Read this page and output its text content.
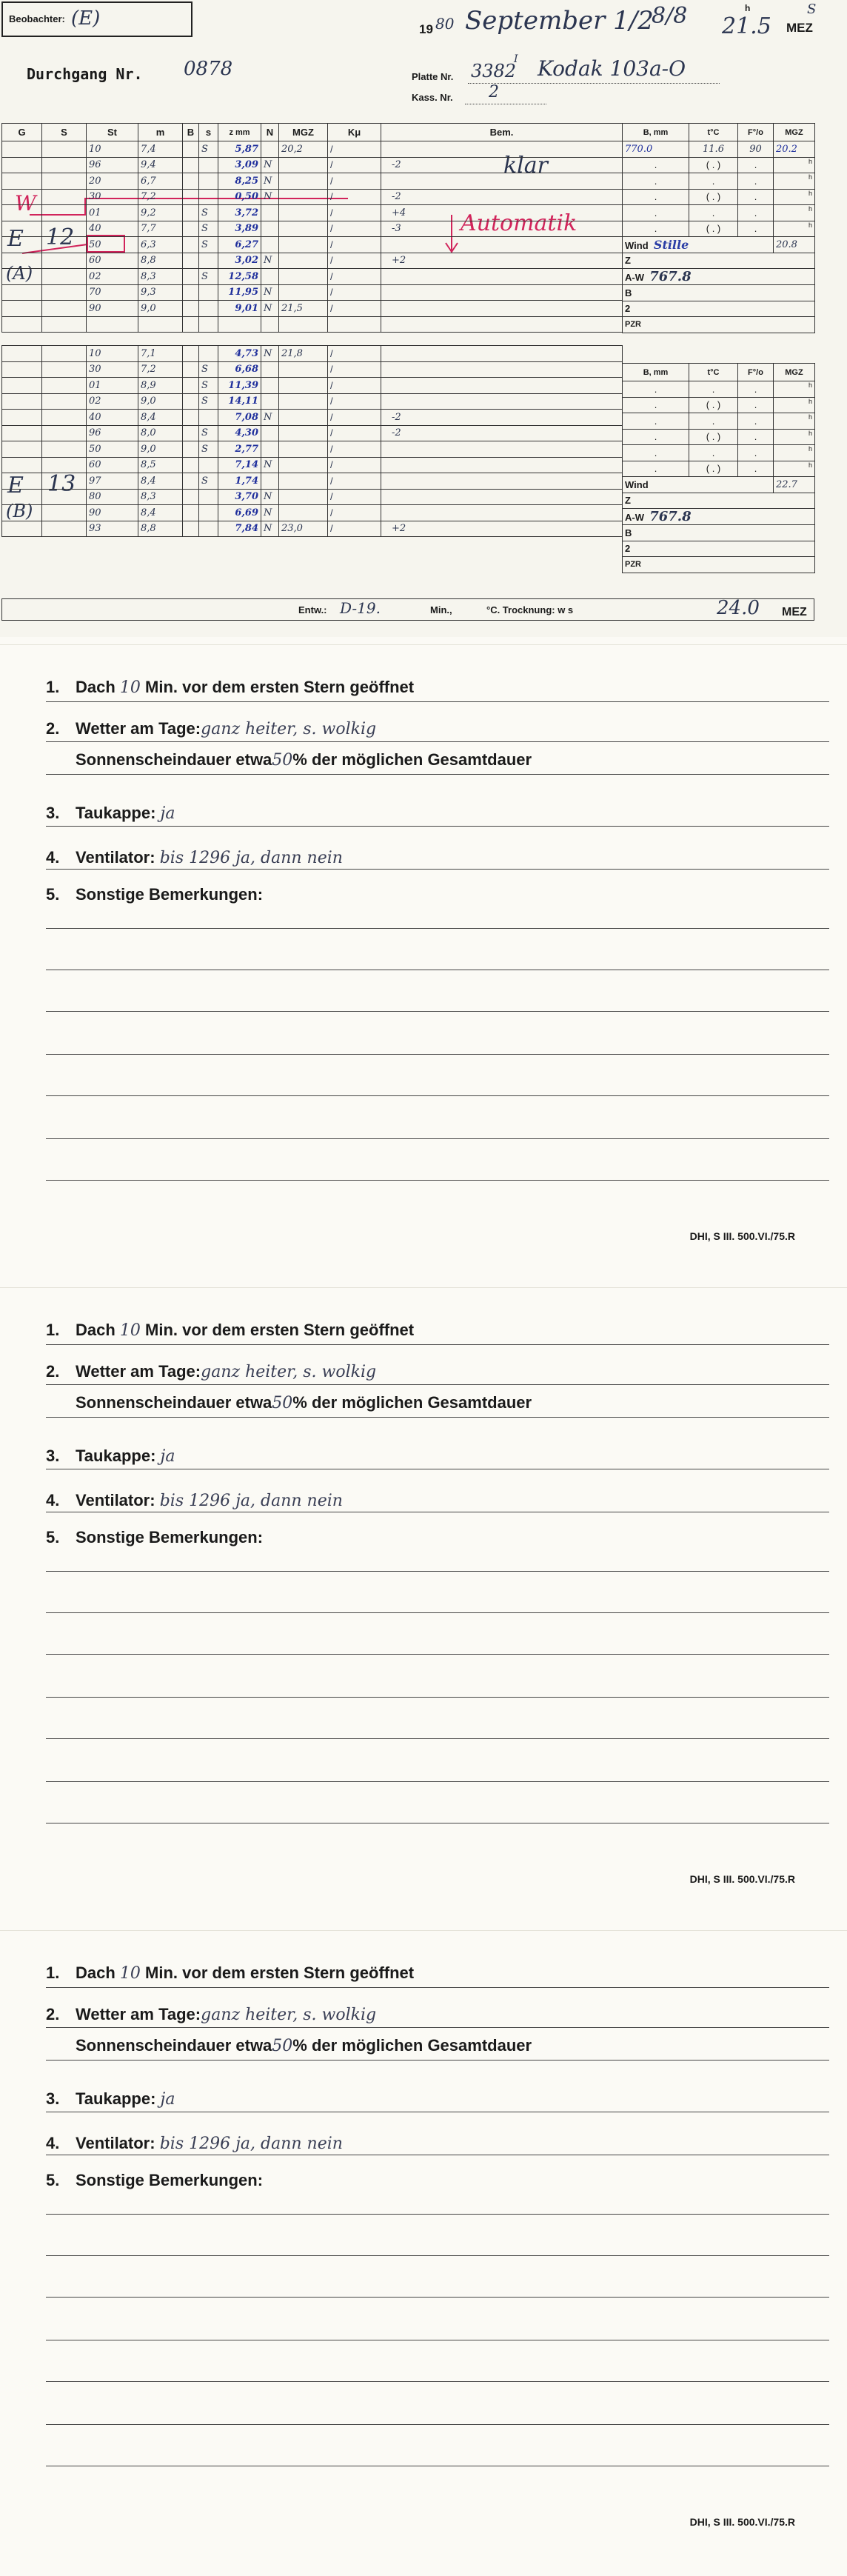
Beobachter: (E)	19 80 September 1/2
8/8 21.5
h
MEZ
S
Durchgang Nr. 0878	Platte Nr. 3382
I Kodak 103a-O
Kass. Nr. 2
W
E 12
(A)
E 13
(B)
Automatik
klar
G	S	St	m	B	s	z mm	N	MGZ	Kμ	Bem.
		10	7,4		S	5,87		20,2	/	
		96	9,4			3,09	N		/	-2
		20	6,7			8,25	N		/	
		30	7,2			0,50	N		/	-2
		01	9,2		S	3,72			/	+4
		40	7,7		S	3,89			/	-3
		50	6,3		S	6,27			/	
		60	8,8			3,02	N		/	+2
		02	8,3		S	12,58			/	
		70	9,3			11,95	N		/	
		90	9,0			9,01	N	21,5	/	

		10	7,1			4,73	N	21,8	/	
		30	7,2		S	6,68			/	
		01	8,9		S	11,39			/	
		02	9,0		S	14,11			/	
		40	8,4			7,08	N		/	-2
		96	8,0		S	4,30			/	-2
		50	9,0		S	2,77			/	
		60	8,5			7,14	N		/	
		97	8,4		S	1,74			/	
		80	8,3			3,70	N		/	
		90	8,4			6,69	N		/	
		93	8,8			7,84	N	23,0	/	+2
B, mm	t°C	F°/o	MGZ
770.0	11.6	90	20.2
.	( . )	.	h
.	.	.	h
.	( . )	.	h
.	.	.	h
.	( . )	.	h
Wind Stille			20.8
Z			
A-W 767.8			
B			
2			
PZR			
B, mm	t°C	F°/o	MGZ
.	.	.	h
.	( . )	.	h
.	.	.	h
.	( . )	.	h
.	.	.	h
.	( . )	.	h
Wind			22.7
Z			
A-W 767.8			
B			
2			
PZR			
Entw.: D-19.	Min.,	°C. Trocknung: w s	24.0 MEZ
1. Dach 10 Min. vor dem ersten Stern geöffnet
2. Wetter am Tage:ganz heiter, s. wolkig
Sonnenscheindauer etwa50% der möglichen Gesamtdauer
3. Taukappe: ja
4. Ventilator: bis 1296 ja, dann nein
5. Sonstige Bemerkungen:
DHI, S III. 500.VI./75.R
1. Dach 10 Min. vor dem ersten Stern geöffnet
2. Wetter am Tage:ganz heiter, s. wolkig
Sonnenscheindauer etwa50% der möglichen Gesamtdauer
3. Taukappe: ja
4. Ventilator: bis 1296 ja, dann nein
5. Sonstige Bemerkungen:
DHI, S III. 500.VI./75.R
1. Dach 10 Min. vor dem ersten Stern geöffnet
2. Wetter am Tage:ganz heiter, s. wolkig
Sonnenscheindauer etwa50% der möglichen Gesamtdauer
3. Taukappe: ja
4. Ventilator: bis 1296 ja, dann nein
5. Sonstige Bemerkungen:
DHI, S III. 500.VI./75.R
